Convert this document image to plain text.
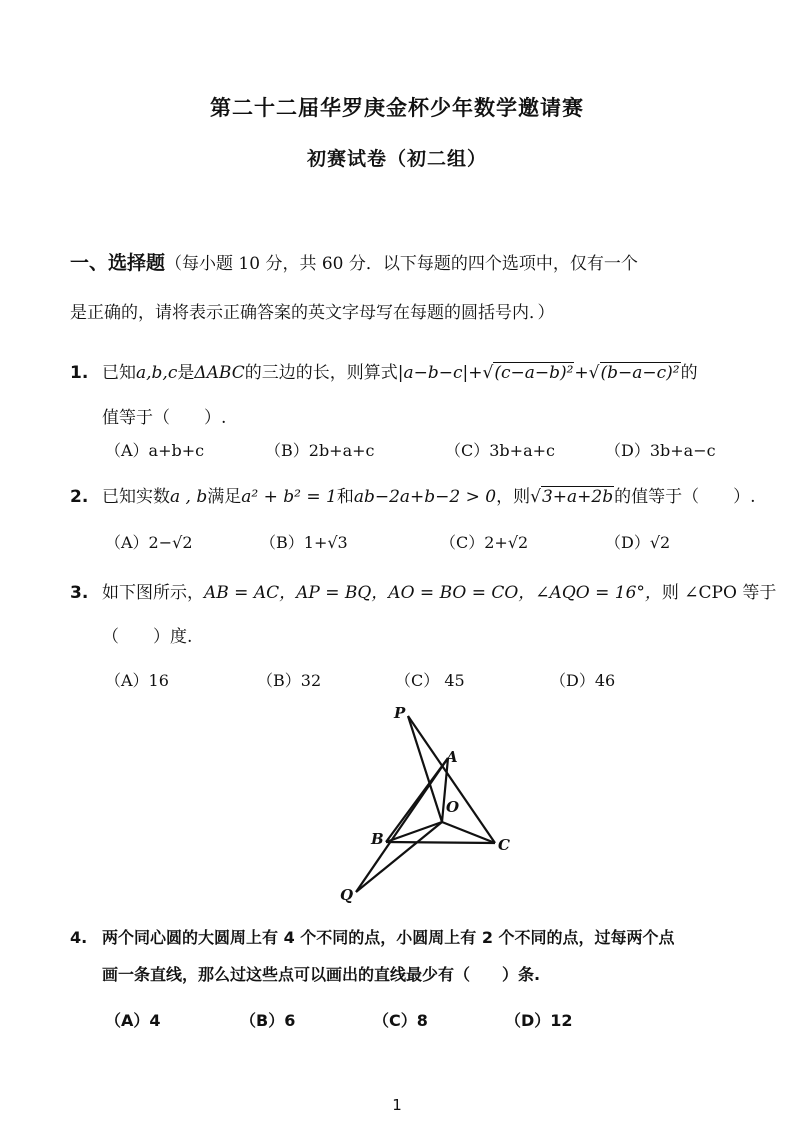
第二十二届华罗庚金杯少年数学邀请赛
初赛试卷（初二组）
一、选择题（每小题 10 分，共 60 分．以下每题的四个选项中，仅有一个
是正确的，请将表示正确答案的英文字母写在每题的圆括号内．）
1. 已知a,b,c是ΔABC的三边的长，则算式|a−b−c|+√(c−a−b)²+√(b−a−c)²的
值等于（　　）.
（A）a+b+c	（B）2b+a+c	（C）3b+a+c	（D）3b+a−c
2. 已知实数a , b满足a² + b² = 1和ab−2a+b−2 > 0，则√3+a+2b的值等于（　　）.
（A）2−√2	（B）1+√3	（C）2+√2	（D）√2
3. 如下图所示，AB = AC，AP = BQ，AO = BO = CO，∠AQO = 16°，则 ∠CPO 等于
（　　）度.
（A）16	（B）32	（C） 45	（D）46
P
A
O
B	C
Q
4. 两个同心圆的大圆周上有 4 个不同的点，小圆周上有 2 个不同的点，过每两个点
画一条直线，那么过这些点可以画出的直线最少有（　　）条.
（A）4	（B）6	（C）8	（D）12
1
